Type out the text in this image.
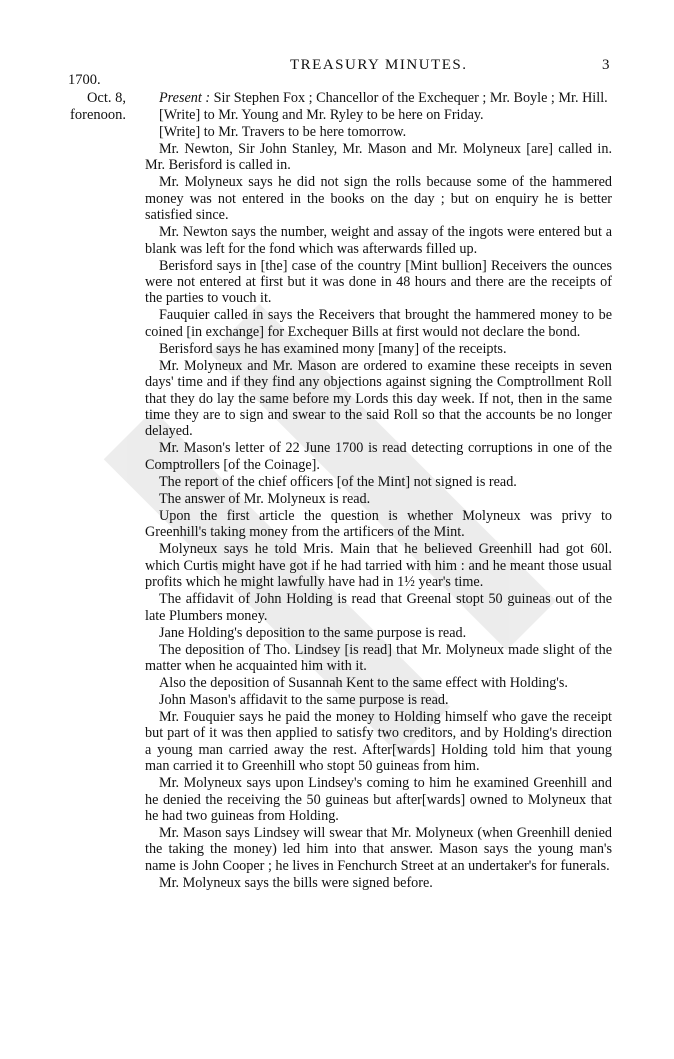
TREASURY MINUTES.	3
1700.
Oct. 8,
forenoon.

Present : Sir Stephen Fox ; Chancellor of the Exchequer ; Mr. Boyle ; Mr. Hill.

[Write] to Mr. Young and Mr. Ryley to be here on Friday.

[Write] to Mr. Travers to be here tomorrow.

Mr. Newton, Sir John Stanley, Mr. Mason and Mr. Molyneux [are] called in. Mr. Berisford is called in.

Mr. Molyneux says he did not sign the rolls because some of the hammered money was not entered in the books on the day ; but on enquiry he is better satisfied since.

Mr. Newton says the number, weight and assay of the ingots were entered but a blank was left for the fond which was afterwards filled up.

Berisford says in [the] case of the country [Mint bullion] Receivers the ounces were not entered at first but it was done in 48 hours and there are the receipts of the parties to vouch it.

Fauquier called in says the Receivers that brought the hammered money to be coined [in exchange] for Exchequer Bills at first would not declare the bond.

Berisford says he has examined mony [many] of the receipts.

Mr. Molyneux and Mr. Mason are ordered to examine these receipts in seven days' time and if they find any objections against signing the Comptrollment Roll that they do lay the same before my Lords this day week. If not, then in the same time they are to sign and swear to the said Roll so that the accounts be no longer delayed.

Mr. Mason's letter of 22 June 1700 is read detecting corruptions in one of the Comptrollers [of the Coinage].

The report of the chief officers [of the Mint] not signed is read.

The answer of Mr. Molyneux is read.

Upon the first article the question is whether Molyneux was privy to Greenhill's taking money from the artificers of the Mint.

Molyneux says he told Mris. Main that he believed Greenhill had got 60l. which Curtis might have got if he had tarried with him : and he meant those usual profits which he might lawfully have had in 1½ year's time.

The affidavit of John Holding is read that Greenal stopt 50 guineas out of the late Plumbers money.

Jane Holding's deposition to the same purpose is read.

The deposition of Tho. Lindsey [is read] that Mr. Molyneux made slight of the matter when he acquainted him with it.

Also the deposition of Susannah Kent to the same effect with Holding's.

John Mason's affidavit to the same purpose is read.

Mr. Fouquier says he paid the money to Holding himself who gave the receipt but part of it was then applied to satisfy two creditors, and by Holding's direction a young man carried away the rest. After[wards] Holding told him that young man carried it to Greenhill who stopt 50 guineas from him.

Mr. Molyneux says upon Lindsey's coming to him he examined Greenhill and he denied the receiving the 50 guineas but after[wards] owned to Molyneux that he had two guineas from Holding.

Mr. Mason says Lindsey will swear that Mr. Molyneux (when Greenhill denied the taking the money) led him into that answer. Mason says the young man's name is John Cooper ; he lives in Fenchurch Street at an undertaker's for funerals.

Mr. Molyneux says the bills were signed before.
